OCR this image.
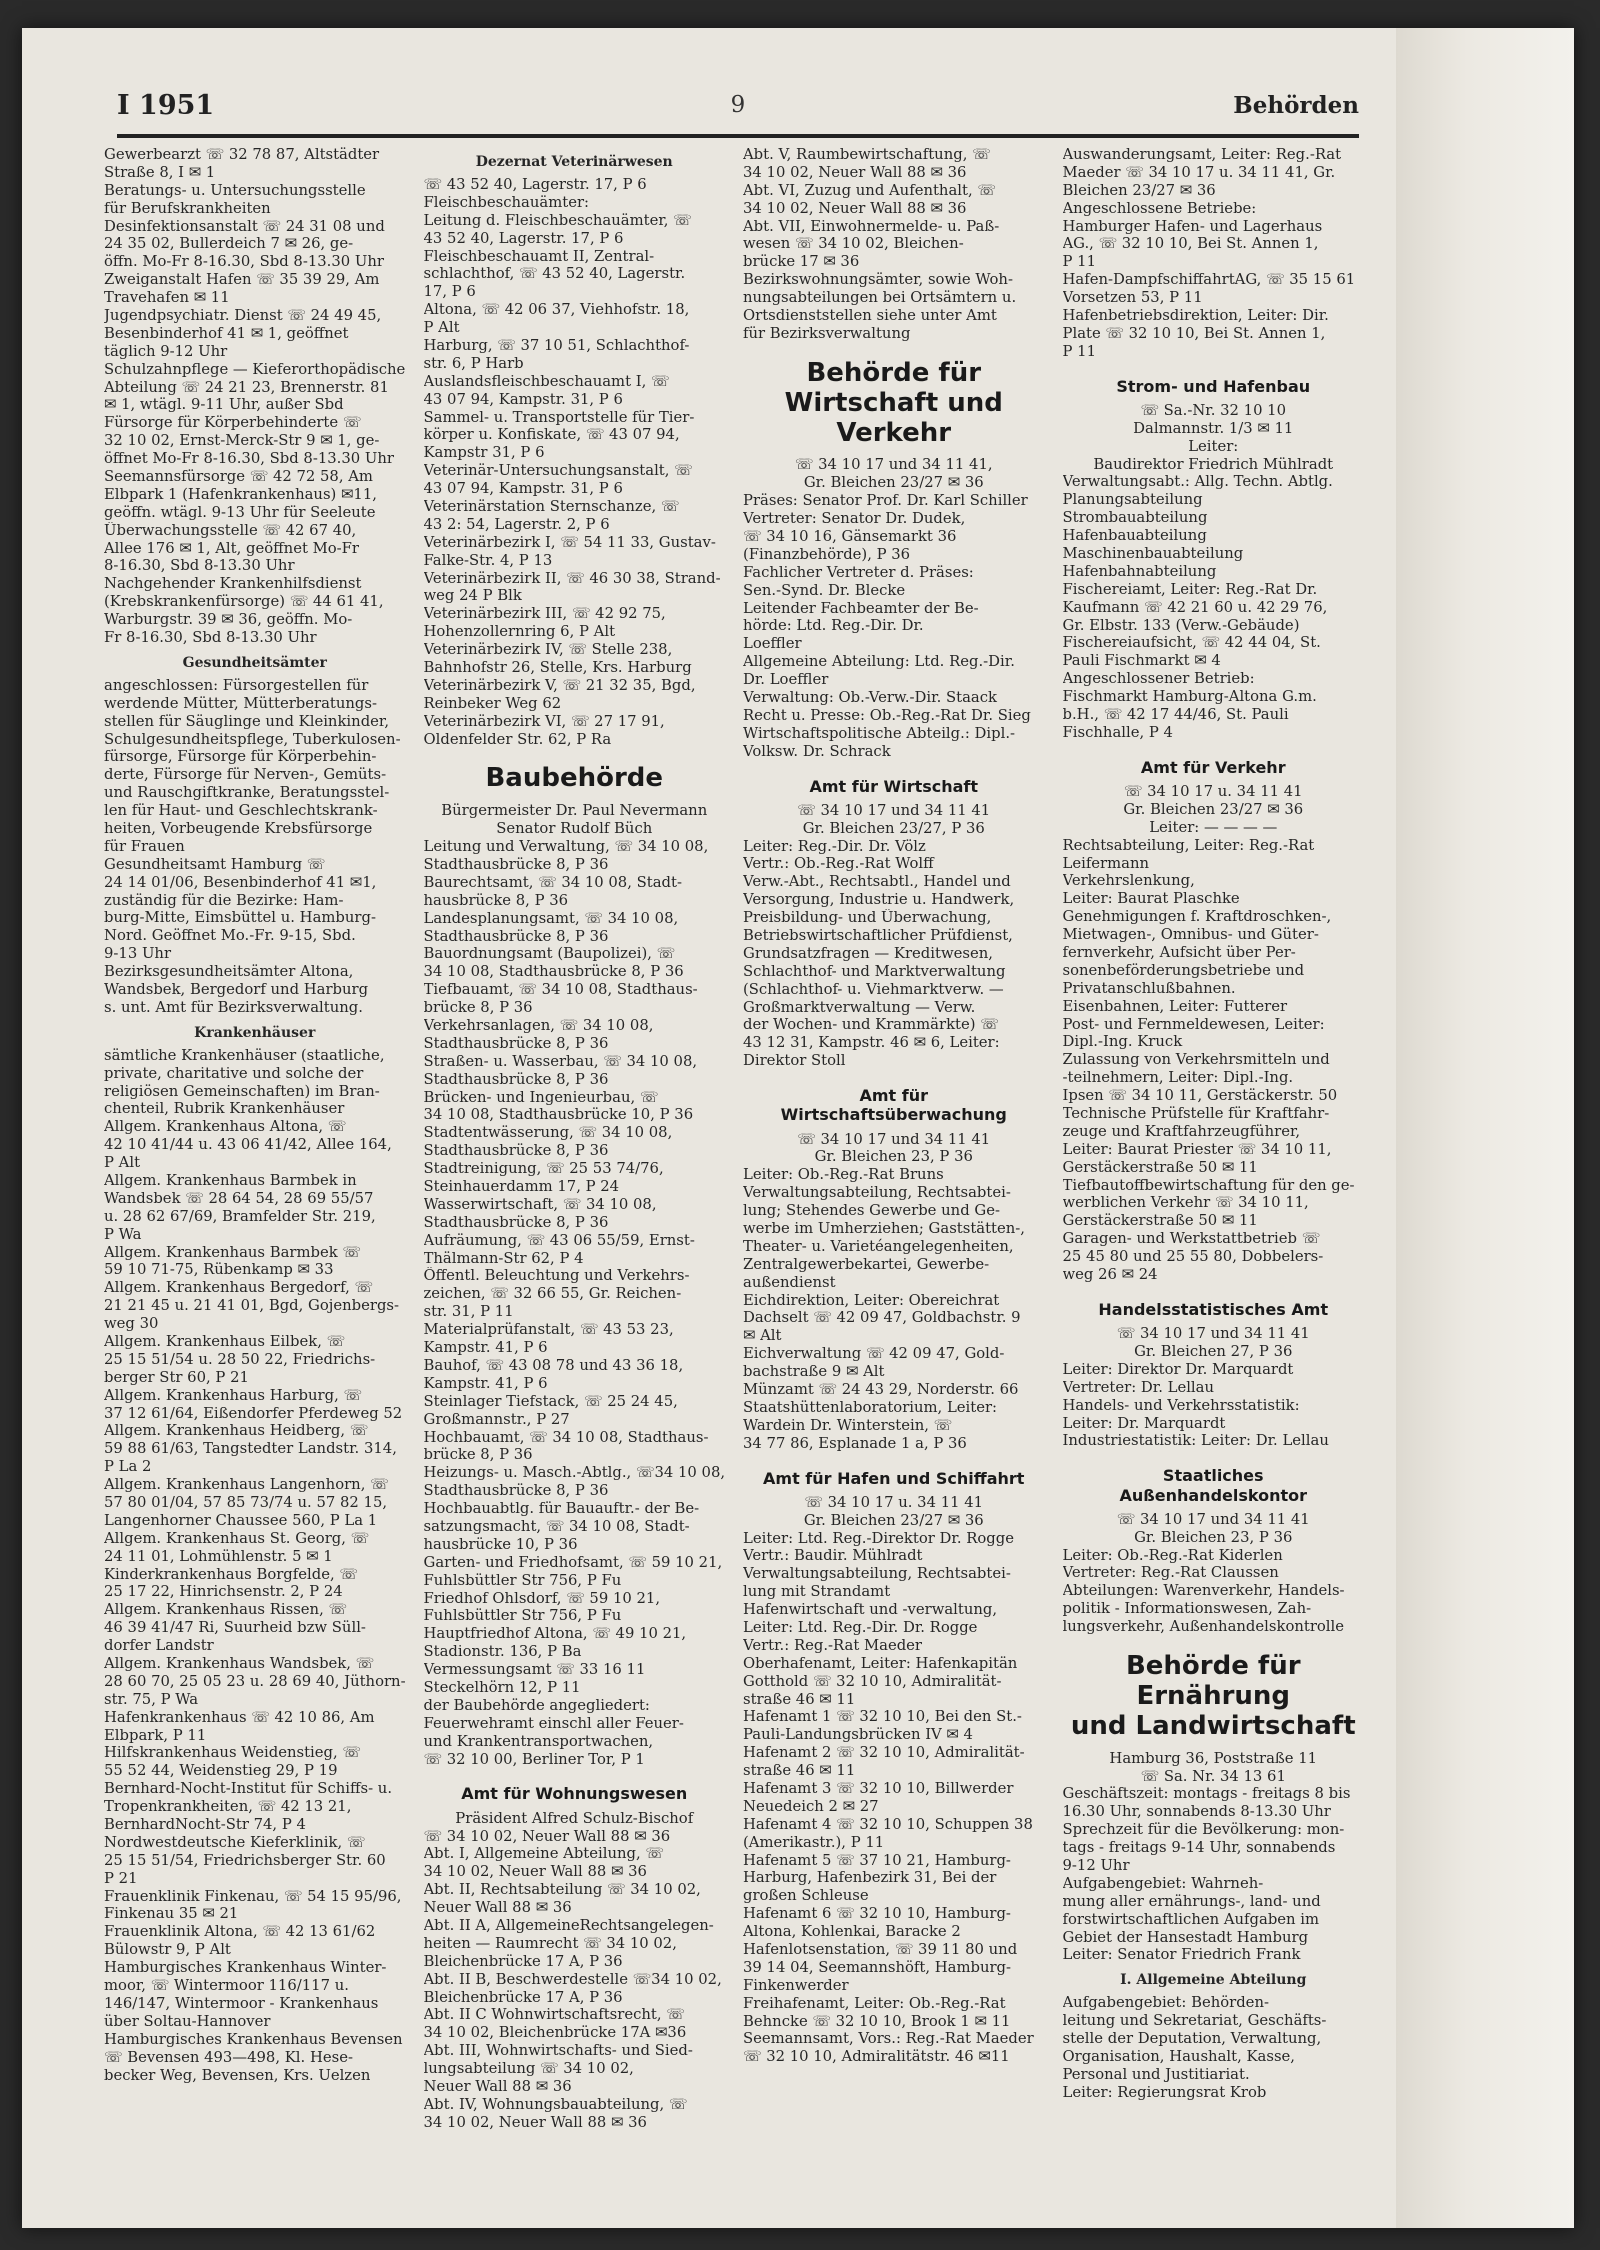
I 1951	9	Behörden
Gewerbearzt ☏ 32 78 87, Altstädter
Straße 8, I ✉ 1
Beratungs- u. Untersuchungsstelle
für Berufskrankheiten
Desinfektionsanstalt ☏ 24 31 08 und
24 35 02, Bullerdeich 7 ✉ 26, ge-
öffn. Mo-Fr 8-16.30, Sbd 8-13.30 Uhr
Zweiganstalt Hafen ☏ 35 39 29, Am
Travehafen ✉ 11
Jugendpsychiatr. Dienst ☏ 24 49 45,
Besenbinderhof 41 ✉ 1, geöffnet
täglich 9-12 Uhr
Schulzahnpflege — Kieferorthopädische
Abteilung ☏ 24 21 23, Brennerstr. 81
✉ 1, wtägl. 9-11 Uhr, außer Sbd
Fürsorge für Körperbehinderte ☏
32 10 02, Ernst-Merck-Str 9 ✉ 1, ge-
öffnet Mo-Fr 8-16.30, Sbd 8-13.30 Uhr
Seemannsfürsorge ☏ 42 72 58, Am
Elbpark 1 (Hafenkrankenhaus) ✉11,
geöffn. wtägl. 9-13 Uhr für Seeleute
Überwachungsstelle ☏ 42 67 40,
Allee 176 ✉ 1, Alt, geöffnet Mo-Fr
8-16.30, Sbd 8-13.30 Uhr
Nachgehender Krankenhilfsdienst
(Krebskrankenfürsorge) ☏ 44 61 41,
Warburgstr. 39 ✉ 36, geöffn. Mo-
Fr 8-16.30, Sbd 8-13.30 Uhr
Gesundheitsämter
angeschlossen: Fürsorgestellen für
werdende Mütter, Mütterberatungs-
stellen für Säuglinge und Kleinkinder,
Schulgesundheitspflege, Tuberkulosen-
fürsorge, Fürsorge für Körperbehin-
derte, Fürsorge für Nerven-, Gemüts-
und Rauschgiftkranke, Beratungsstel-
len für Haut- und Geschlechtskrank-
heiten, Vorbeugende Krebsfürsorge
für Frauen
Gesundheitsamt Hamburg ☏
24 14 01/06, Besenbinderhof 41 ✉1,
zuständig für die Bezirke: Ham-
burg-Mitte, Eimsbüttel u. Hamburg-
Nord. Geöffnet Mo.-Fr. 9-15, Sbd.
9-13 Uhr
Bezirksgesundheitsämter Altona,
Wandsbek, Bergedorf und Harburg
s. unt. Amt für Bezirksverwaltung.
Krankenhäuser
sämtliche Krankenhäuser (staatliche,
private, charitative und solche der
religiösen Gemeinschaften) im Bran-
chenteil, Rubrik Krankenhäuser
Allgem. Krankenhaus Altona, ☏
42 10 41/44 u. 43 06 41/42, Allee 164,
P Alt
Allgem. Krankenhaus Barmbek in
Wandsbek ☏ 28 64 54, 28 69 55/57
u. 28 62 67/69, Bramfelder Str. 219,
P Wa
Allgem. Krankenhaus Barmbek ☏
59 10 71-75, Rübenkamp ✉ 33
Allgem. Krankenhaus Bergedorf, ☏
21 21 45 u. 21 41 01, Bgd, Gojenbergs-
weg 30
Allgem. Krankenhaus Eilbek, ☏
25 15 51/54 u. 28 50 22, Friedrichs-
berger Str 60, P 21
Allgem. Krankenhaus Harburg, ☏
37 12 61/64, Eißendorfer Pferdeweg 52
Allgem. Krankenhaus Heidberg, ☏
59 88 61/63, Tangstedter Landstr. 314,
P La 2
Allgem. Krankenhaus Langenhorn, ☏
57 80 01/04, 57 85 73/74 u. 57 82 15,
Langenhorner Chaussee 560, P La 1
Allgem. Krankenhaus St. Georg, ☏
24 11 01, Lohmühlenstr. 5 ✉ 1
Kinderkrankenhaus Borgfelde, ☏
25 17 22, Hinrichsenstr. 2, P 24
Allgem. Krankenhaus Rissen, ☏
46 39 41/47 Ri, Suurheid bzw Süll-
dorfer Landstr
Allgem. Krankenhaus Wandsbek, ☏
28 60 70, 25 05 23 u. 28 69 40, Jüthorn-
str. 75, P Wa
Hafenkrankenhaus ☏ 42 10 86, Am
Elbpark, P 11
Hilfskrankenhaus Weidenstieg, ☏
55 52 44, Weidenstieg 29, P 19
Bernhard-Nocht-Institut für Schiffs- u.
Tropenkrankheiten, ☏ 42 13 21,
BernhardNocht-Str 74, P 4
Nordwestdeutsche Kieferklinik, ☏
25 15 51/54, Friedrichsberger Str. 60
P 21
Frauenklinik Finkenau, ☏ 54 15 95/96,
Finkenau 35 ✉ 21
Frauenklinik Altona, ☏ 42 13 61/62
Bülowstr 9, P Alt
Hamburgisches Krankenhaus Winter-
moor, ☏ Wintermoor 116/117 u.
146/147, Wintermoor - Krankenhaus
über Soltau-Hannover
Hamburgisches Krankenhaus Bevensen
☏ Bevensen 493—498, Kl. Hese-
becker Weg, Bevensen, Krs. Uelzen
Dezernat Veterinärwesen
☏ 43 52 40, Lagerstr. 17, P 6
Fleischbeschauämter:
Leitung d. Fleischbeschauämter, ☏
43 52 40, Lagerstr. 17, P 6
Fleischbeschauamt II, Zentral-
schlachthof, ☏ 43 52 40, Lagerstr.
17, P 6
Altona, ☏ 42 06 37, Viehhofstr. 18,
P Alt
Harburg, ☏ 37 10 51, Schlachthof-
str. 6, P Harb
Auslandsfleischbeschauamt I, ☏
43 07 94, Kampstr. 31, P 6
Sammel- u. Transportstelle für Tier-
körper u. Konfiskate, ☏ 43 07 94,
Kampstr 31, P 6
Veterinär-Untersuchungsanstalt, ☏
43 07 94, Kampstr. 31, P 6
Veterinärstation Sternschanze, ☏
43 2: 54, Lagerstr. 2, P 6
Veterinärbezirk I, ☏ 54 11 33, Gustav-
Falke-Str. 4, P 13
Veterinärbezirk II, ☏ 46 30 38, Strand-
weg 24 P Blk
Veterinärbezirk III, ☏ 42 92 75,
Hohenzollernring 6, P Alt
Veterinärbezirk IV, ☏ Stelle 238,
Bahnhofstr 26, Stelle, Krs. Harburg
Veterinärbezirk V, ☏ 21 32 35, Bgd,
Reinbeker Weg 62
Veterinärbezirk VI, ☏ 27 17 91,
Oldenfelder Str. 62, P Ra
Baubehörde
Bürgermeister Dr. Paul Nevermann
Senator Rudolf Büch
Leitung und Verwaltung, ☏ 34 10 08,
Stadthausbrücke 8, P 36
Baurechtsamt, ☏ 34 10 08, Stadt-
hausbrücke 8, P 36
Landesplanungsamt, ☏ 34 10 08,
Stadthausbrücke 8, P 36
Bauordnungsamt (Baupolizei), ☏
34 10 08, Stadthausbrücke 8, P 36
Tiefbauamt, ☏ 34 10 08, Stadthaus-
brücke 8, P 36
Verkehrsanlagen, ☏ 34 10 08,
Stadthausbrücke 8, P 36
Straßen- u. Wasserbau, ☏ 34 10 08,
Stadthausbrücke 8, P 36
Brücken- und Ingenieurbau, ☏
34 10 08, Stadthausbrücke 10, P 36
Stadtentwässerung, ☏ 34 10 08,
Stadthausbrücke 8, P 36
Stadtreinigung, ☏ 25 53 74/76,
Steinhauerdamm 17, P 24
Wasserwirtschaft, ☏ 34 10 08,
Stadthausbrücke 8, P 36
Aufräumung, ☏ 43 06 55/59, Ernst-
Thälmann-Str 62, P 4
Öffentl. Beleuchtung und Verkehrs-
zeichen, ☏ 32 66 55, Gr. Reichen-
str. 31, P 11
Materialprüfanstalt, ☏ 43 53 23,
Kampstr. 41, P 6
Bauhof, ☏ 43 08 78 und 43 36 18,
Kampstr. 41, P 6
Steinlager Tiefstack, ☏ 25 24 45,
Großmannstr., P 27
Hochbauamt, ☏ 34 10 08, Stadthaus-
brücke 8, P 36
Heizungs- u. Masch.-Abtlg., ☏34 10 08,
Stadthausbrücke 8, P 36
Hochbauabtlg. für Bauauftr.- der Be-
satzungsmacht, ☏ 34 10 08, Stadt-
hausbrücke 10, P 36
Garten- und Friedhofsamt, ☏ 59 10 21,
Fuhlsbüttler Str 756, P Fu
Friedhof Ohlsdorf, ☏ 59 10 21,
Fuhlsbüttler Str 756, P Fu
Hauptfriedhof Altona, ☏ 49 10 21,
Stadionstr. 136, P Ba
Vermessungsamt ☏ 33 16 11
Steckelhörn 12, P 11
der Baubehörde angegliedert:
Feuerwehramt einschl aller Feuer-
und Krankentransportwachen,
☏ 32 10 00, Berliner Tor, P 1
Amt für Wohnungswesen
Präsident Alfred Schulz-Bischof
☏ 34 10 02, Neuer Wall 88 ✉ 36
Abt. I, Allgemeine Abteilung, ☏
34 10 02, Neuer Wall 88 ✉ 36
Abt. II, Rechtsabteilung ☏ 34 10 02,
Neuer Wall 88 ✉ 36
Abt. II A, AllgemeineRechtsangelegen-
heiten — Raumrecht ☏ 34 10 02,
Bleichenbrücke 17 A, P 36
Abt. II B, Beschwerdestelle ☏34 10 02,
Bleichenbrücke 17 A, P 36
Abt. II C Wohnwirtschaftsrecht, ☏
34 10 02, Bleichenbrücke 17A ✉36
Abt. III, Wohnwirtschafts- und Sied-
lungsabteilung ☏ 34 10 02,
Neuer Wall 88 ✉ 36
Abt. IV, Wohnungsbauabteilung, ☏
34 10 02, Neuer Wall 88 ✉ 36
Abt. V, Raumbewirtschaftung, ☏
34 10 02, Neuer Wall 88 ✉ 36
Abt. VI, Zuzug und Aufenthalt, ☏
34 10 02, Neuer Wall 88 ✉ 36
Abt. VII, Einwohnermelde- u. Paß-
wesen ☏ 34 10 02, Bleichen-
brücke 17 ✉ 36
Bezirkswohnungsämter, sowie Woh-
nungsabteilungen bei Ortsämtern u.
Ortsdienststellen siehe unter Amt
für Bezirksverwaltung
Behörde für
Wirtschaft und Verkehr
☏ 34 10 17 und 34 11 41,
Gr. Bleichen 23/27 ✉ 36
Präses: Senator Prof. Dr. Karl Schiller
Vertreter: Senator Dr. Dudek,
☏ 34 10 16, Gänsemarkt 36
(Finanzbehörde), P 36
Fachlicher Vertreter d. Präses:
Sen.-Synd. Dr. Blecke
Leitender Fachbeamter der Be-
hörde: Ltd. Reg.-Dir. Dr.
Loeffler
Allgemeine Abteilung: Ltd. Reg.-Dir.
Dr. Loeffler
Verwaltung: Ob.-Verw.-Dir. Staack
Recht u. Presse: Ob.-Reg.-Rat Dr. Sieg
Wirtschaftspolitische Abteilg.: Dipl.-
Volksw. Dr. Schrack
Amt für Wirtschaft
☏ 34 10 17 und 34 11 41
Gr. Bleichen 23/27, P 36
Leiter: Reg.-Dir. Dr. Völz
Vertr.: Ob.-Reg.-Rat Wolff
Verw.-Abt., Rechtsabtl., Handel und
Versorgung, Industrie u. Handwerk,
Preisbildung- und Überwachung,
Betriebswirtschaftlicher Prüfdienst,
Grundsatzfragen — Kreditwesen,
Schlachthof- und Marktverwaltung
(Schlachthof- u. Viehmarktverw. —
Großmarktverwaltung — Verw.
der Wochen- und Krammärkte) ☏
43 12 31, Kampstr. 46 ✉ 6, Leiter:
Direktor Stoll
Amt für
Wirtschaftsüberwachung
☏ 34 10 17 und 34 11 41
Gr. Bleichen 23, P 36
Leiter: Ob.-Reg.-Rat Bruns
Verwaltungsabteilung, Rechtsabtei-
lung; Stehendes Gewerbe und Ge-
werbe im Umherziehen; Gaststätten-,
Theater- u. Varietéangelegenheiten,
Zentralgewerbekartei, Gewerbe-
außendienst
Eichdirektion, Leiter: Obereichrat
Dachselt ☏ 42 09 47, Goldbachstr. 9
✉ Alt
Eichverwaltung ☏ 42 09 47, Gold-
bachstraße 9 ✉ Alt
Münzamt ☏ 24 43 29, Norderstr. 66
Staatshüttenlaboratorium, Leiter:
Wardein Dr. Winterstein, ☏
34 77 86, Esplanade 1 a, P 36
Amt für Hafen und Schiffahrt
☏ 34 10 17 u. 34 11 41
Gr. Bleichen 23/27 ✉ 36
Leiter: Ltd. Reg.-Direktor Dr. Rogge
Vertr.: Baudir. Mühlradt
Verwaltungsabteilung, Rechtsabtei-
lung mit Strandamt
Hafenwirtschaft und -verwaltung,
Leiter: Ltd. Reg.-Dir. Dr. Rogge
Vertr.: Reg.-Rat Maeder
Oberhafenamt, Leiter: Hafenkapitän
Gotthold ☏ 32 10 10, Admiralität-
straße 46 ✉ 11
Hafenamt 1 ☏ 32 10 10, Bei den St.-
Pauli-Landungsbrücken IV ✉ 4
Hafenamt 2 ☏ 32 10 10, Admiralität-
straße 46 ✉ 11
Hafenamt 3 ☏ 32 10 10, Billwerder
Neuedeich 2 ✉ 27
Hafenamt 4 ☏ 32 10 10, Schuppen 38
(Amerikastr.), P 11
Hafenamt 5 ☏ 37 10 21, Hamburg-
Harburg, Hafenbezirk 31, Bei der
großen Schleuse
Hafenamt 6 ☏ 32 10 10, Hamburg-
Altona, Kohlenkai, Baracke 2
Hafenlotsenstation, ☏ 39 11 80 und
39 14 04, Seemannshöft, Hamburg-
Finkenwerder
Freihafenamt, Leiter: Ob.-Reg.-Rat
Behncke ☏ 32 10 10, Brook 1 ✉ 11
Seemannsamt, Vors.: Reg.-Rat Maeder
☏ 32 10 10, Admiralitätstr. 46 ✉11
Auswanderungsamt, Leiter: Reg.-Rat
Maeder ☏ 34 10 17 u. 34 11 41, Gr.
Bleichen 23/27 ✉ 36
Angeschlossene Betriebe:
Hamburger Hafen- und Lagerhaus
AG., ☏ 32 10 10, Bei St. Annen 1,
P 11
Hafen-DampfschiffahrtAG, ☏ 35 15 61
Vorsetzen 53, P 11
Hafenbetriebsdirektion, Leiter: Dir.
Plate ☏ 32 10 10, Bei St. Annen 1,
P 11
Strom- und Hafenbau
☏ Sa.-Nr. 32 10 10
Dalmannstr. 1/3 ✉ 11
Leiter:
Baudirektor Friedrich Mühlradt
Verwaltungsabt.: Allg. Techn. Abtlg.
Planungsabteilung
Strombauabteilung
Hafenbauabteilung
Maschinenbauabteilung
Hafenbahnabteilung
Fischereiamt, Leiter: Reg.-Rat Dr.
Kaufmann ☏ 42 21 60 u. 42 29 76,
Gr. Elbstr. 133 (Verw.-Gebäude)
Fischereiaufsicht, ☏ 42 44 04, St.
Pauli Fischmarkt ✉ 4
Angeschlossener Betrieb:
Fischmarkt Hamburg-Altona G.m.
b.H., ☏ 42 17 44/46, St. Pauli
Fischhalle, P 4
Amt für Verkehr
☏ 34 10 17 u. 34 11 41
Gr. Bleichen 23/27 ✉ 36
Leiter: — — — —
Rechtsabteilung, Leiter: Reg.-Rat
Leifermann
Verkehrslenkung,
Leiter: Baurat Plaschke
Genehmigungen f. Kraftdroschken-,
Mietwagen-, Omnibus- und Güter-
fernverkehr, Aufsicht über Per-
sonenbeförderungsbetriebe und
Privatanschlußbahnen.
Eisenbahnen, Leiter: Futterer
Post- und Fernmeldewesen, Leiter:
Dipl.-Ing. Kruck
Zulassung von Verkehrsmitteln und
-teilnehmern, Leiter: Dipl.-Ing.
Ipsen ☏ 34 10 11, Gerstäckerstr. 50
Technische Prüfstelle für Kraftfahr-
zeuge und Kraftfahrzeugführer,
Leiter: Baurat Priester ☏ 34 10 11,
Gerstäckerstraße 50 ✉ 11
Tiefbautoffbewirtschaftung für den ge-
werblichen Verkehr ☏ 34 10 11,
Gerstäckerstraße 50 ✉ 11
Garagen- und Werkstattbetrieb ☏
25 45 80 und 25 55 80, Dobbelers-
weg 26 ✉ 24
Handelsstatistisches Amt
☏ 34 10 17 und 34 11 41
Gr. Bleichen 27, P 36
Leiter: Direktor Dr. Marquardt
Vertreter: Dr. Lellau
Handels- und Verkehrsstatistik:
Leiter: Dr. Marquardt
Industriestatistik: Leiter: Dr. Lellau
Staatliches
Außenhandelskontor
☏ 34 10 17 und 34 11 41
Gr. Bleichen 23, P 36
Leiter: Ob.-Reg.-Rat Kiderlen
Vertreter: Reg.-Rat Claussen
Abteilungen: Warenverkehr, Handels-
politik - Informationswesen, Zah-
lungsverkehr, Außenhandelskontrolle
Behörde für Ernährung
und Landwirtschaft
Hamburg 36, Poststraße 11
☏ Sa. Nr. 34 13 61
Geschäftszeit: montags - freitags 8 bis
16.30 Uhr, sonnabends 8-13.30 Uhr
Sprechzeit für die Bevölkerung: mon-
tags - freitags 9-14 Uhr, sonnabends
9-12 Uhr
Aufgabengebiet: Wahrneh-
mung aller ernährungs-, land- und
forstwirtschaftlichen Aufgaben im
Gebiet der Hansestadt Hamburg
Leiter: Senator Friedrich Frank
I. Allgemeine Abteilung
Aufgabengebiet: Behörden-
leitung und Sekretariat, Geschäfts-
stelle der Deputation, Verwaltung,
Organisation, Haushalt, Kasse,
Personal und Justitiariat.
Leiter: Regierungsrat Krob
